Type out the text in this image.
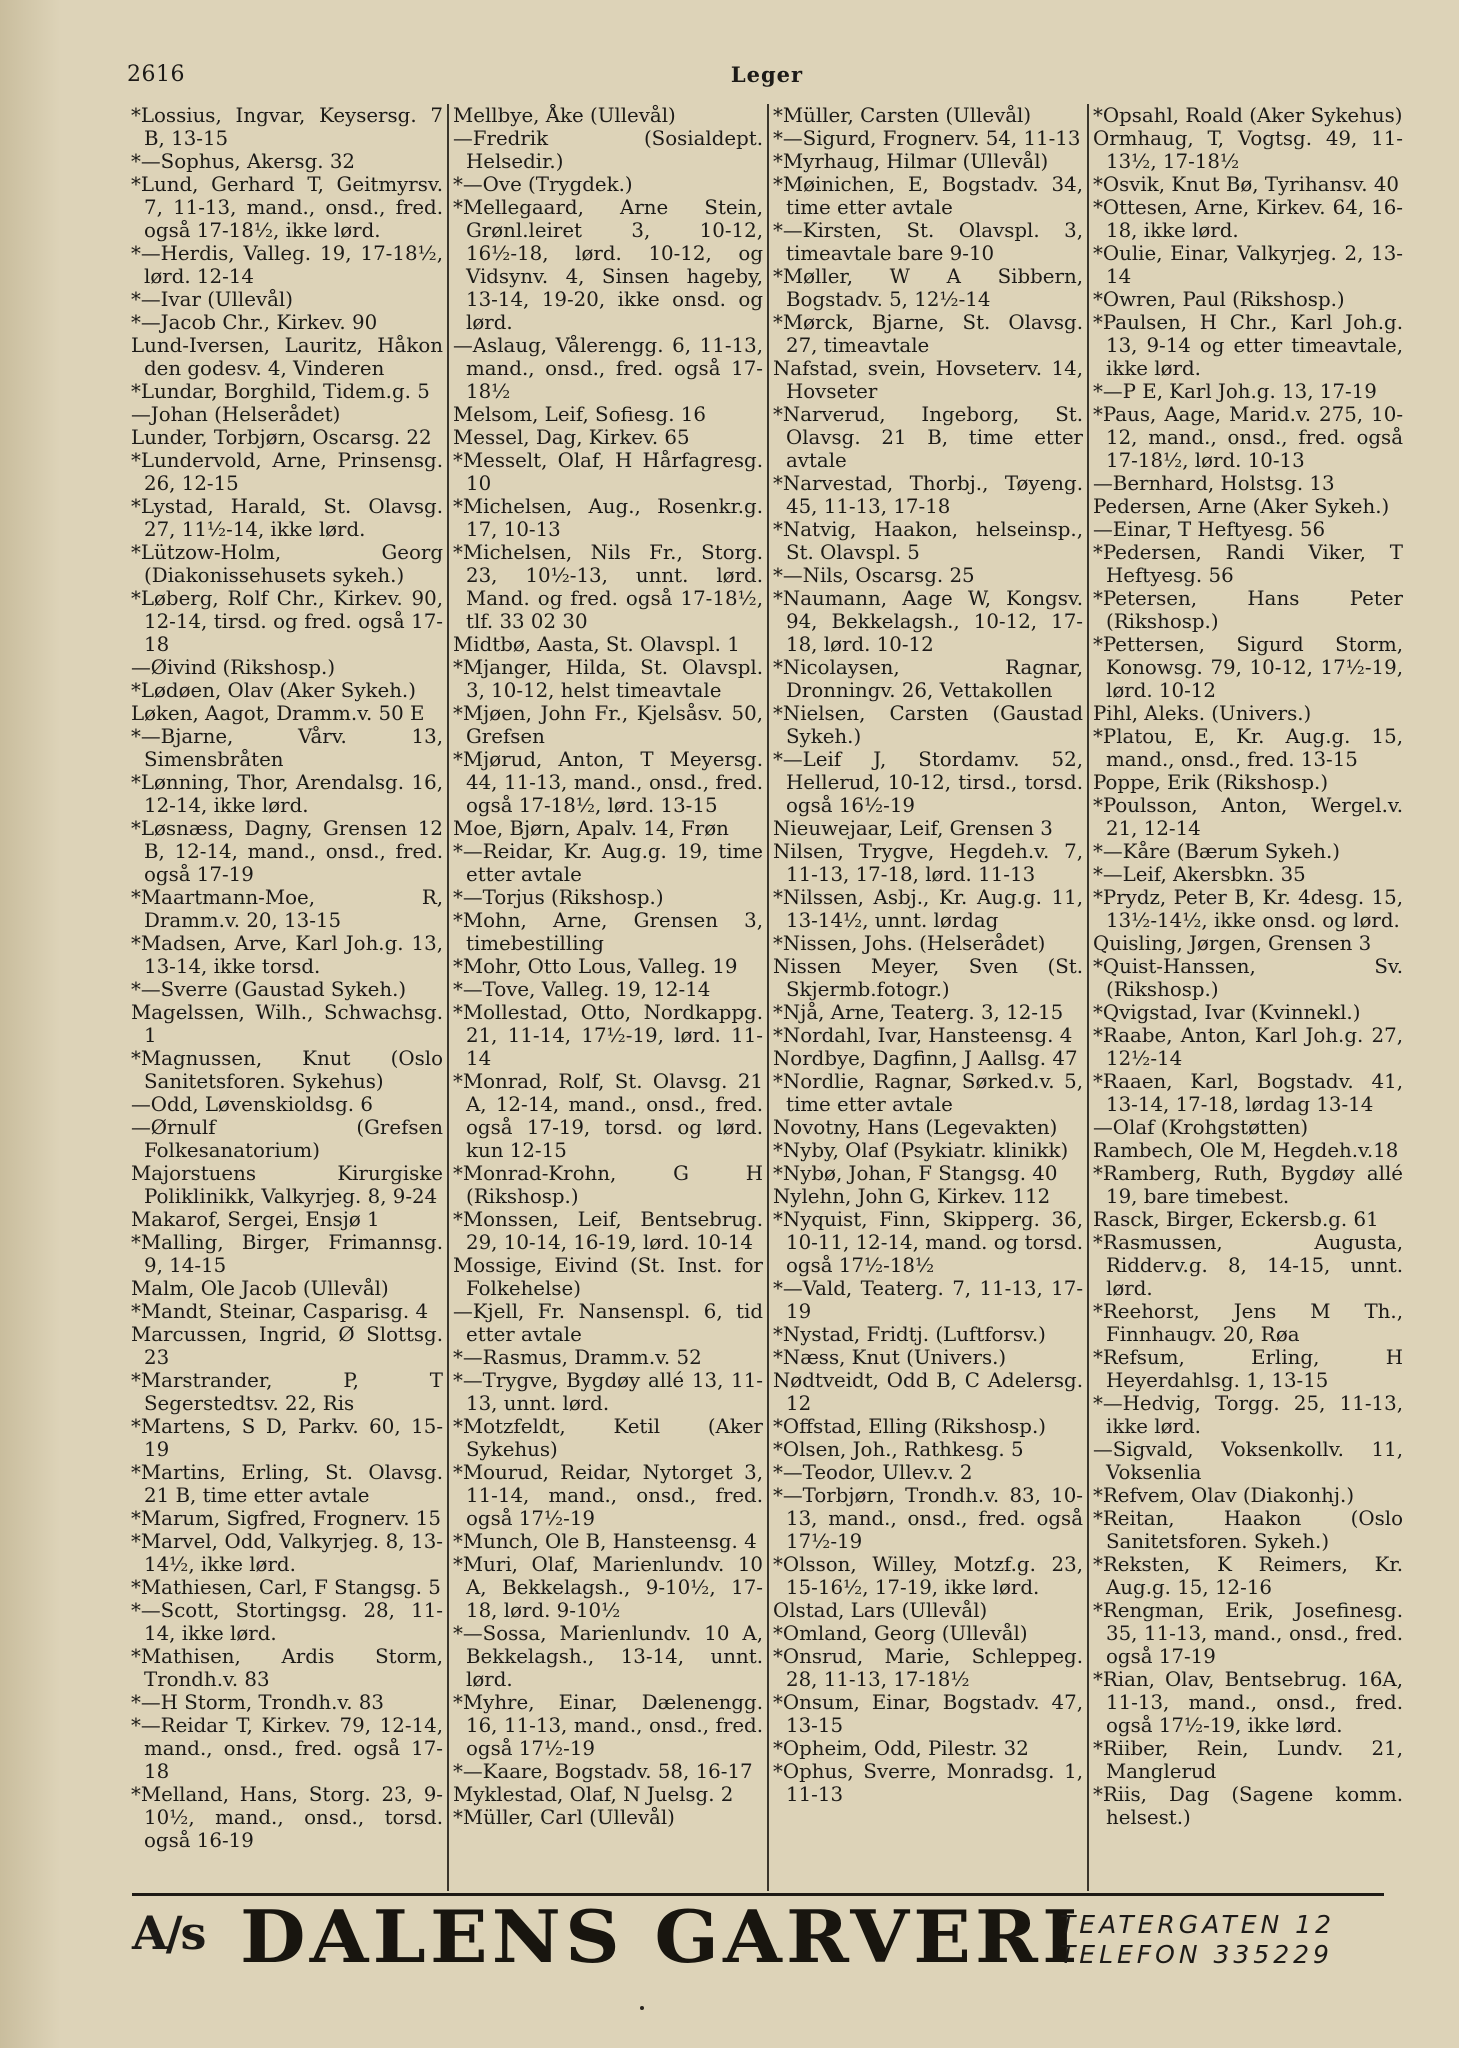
2616	Leger
*Lossius, Ingvar, Keysersg. 7 B, 13-15
*—Sophus, Akersg. 32
*Lund, Gerhard T, Geitmyrsv. 7, 11-13, mand., onsd., fred. også 17-18½, ikke lørd.
*—Herdis, Valleg. 19, 17-18½, lørd. 12-14
*—Ivar (Ullevål)
*—Jacob Chr., Kirkev. 90
Lund-Iversen, Lauritz, Håkon den godesv. 4, Vinderen
*Lundar, Borghild, Tidem.g. 5
—Johan (Helserådet)
Lunder, Torbjørn, Oscarsg. 22
*Lundervold, Arne, Prinsensg. 26, 12-15
*Lystad, Harald, St. Olavsg. 27, 11½-14, ikke lørd.
*Lützow-Holm, Georg (Diakonissehusets sykeh.)
*Løberg, Rolf Chr., Kirkev. 90, 12-14, tirsd. og fred. også 17-18
—Øivind (Rikshosp.)
*Lødøen, Olav (Aker Sykeh.)
Løken, Aagot, Dramm.v. 50 E
*—Bjarne, Vårv. 13, Simensbråten
*Lønning, Thor, Arendalsg. 16, 12-14, ikke lørd.
*Løsnæss, Dagny, Grensen 12 B, 12-14, mand., onsd., fred. også 17-19
*Maartmann-Moe, R, Dramm.v. 20, 13-15
*Madsen, Arve, Karl Joh.g. 13, 13-14, ikke torsd.
*—Sverre (Gaustad Sykeh.)
Magelssen, Wilh., Schwachsg. 1
*Magnussen, Knut (Oslo Sanitetsforen. Sykehus)
—Odd, Løvenskioldsg. 6
—Ørnulf (Grefsen Folkesanatorium)
Majorstuens Kirurgiske Poliklinikk, Valkyrjeg. 8, 9-24
Makarof, Sergei, Ensjø 1
*Malling, Birger, Frimannsg. 9, 14-15
Malm, Ole Jacob (Ullevål)
*Mandt, Steinar, Casparisg. 4
Marcussen, Ingrid, Ø Slottsg. 23
*Marstrander, P, T Segerstedtsv. 22, Ris
*Martens, S D, Parkv. 60, 15-19
*Martins, Erling, St. Olavsg. 21 B, time etter avtale
*Marum, Sigfred, Frognerv. 15
*Marvel, Odd, Valkyrjeg. 8, 13-14½, ikke lørd.
*Mathiesen, Carl, F Stangsg. 5
*—Scott, Stortingsg. 28, 11-14, ikke lørd.
*Mathisen, Ardis Storm, Trondh.v. 83
*—H Storm, Trondh.v. 83
*—Reidar T, Kirkev. 79, 12-14, mand., onsd., fred. også 17-18
*Melland, Hans, Storg. 23, 9-10½, mand., onsd., torsd. også 16-19
Mellbye, Åke (Ullevål)
—Fredrik (Sosialdept. Helsedir.)
*—Ove (Trygdek.)
*Mellegaard, Arne Stein, Grønl.leiret 3, 10-12, 16½-18, lørd. 10-12, og Vidsynv. 4, Sinsen hageby, 13-14, 19-20, ikke onsd. og lørd.
—Aslaug, Vålerengg. 6, 11-13, mand., onsd., fred. også 17-18½
Melsom, Leif, Sofiesg. 16
Messel, Dag, Kirkev. 65
*Messelt, Olaf, H Hårfagresg. 10
*Michelsen, Aug., Rosenkr.g. 17, 10-13
*Michelsen, Nils Fr., Storg. 23, 10½-13, unnt. lørd. Mand. og fred. også 17-18½, tlf. 33 02 30
Midtbø, Aasta, St. Olavspl. 1
*Mjanger, Hilda, St. Olavspl. 3, 10-12, helst timeavtale
*Mjøen, John Fr., Kjelsåsv. 50, Grefsen
*Mjørud, Anton, T Meyersg. 44, 11-13, mand., onsd., fred. også 17-18½, lørd. 13-15
Moe, Bjørn, Apalv. 14, Frøn
*—Reidar, Kr. Aug.g. 19, time etter avtale
*—Torjus (Rikshosp.)
*Mohn, Arne, Grensen 3, timebestilling
*Mohr, Otto Lous, Valleg. 19
*—Tove, Valleg. 19, 12-14
*Mollestad, Otto, Nordkappg. 21, 11-14, 17½-19, lørd. 11-14
*Monrad, Rolf, St. Olavsg. 21 A, 12-14, mand., onsd., fred. også 17-19, torsd. og lørd. kun 12-15
*Monrad-Krohn, G H (Rikshosp.)
*Monssen, Leif, Bentsebrug. 29, 10-14, 16-19, lørd. 10-14
Mossige, Eivind (St. Inst. for Folkehelse)
—Kjell, Fr. Nansenspl. 6, tid etter avtale
*—Rasmus, Dramm.v. 52
*—Trygve, Bygdøy allé 13, 11-13, unnt. lørd.
*Motzfeldt, Ketil (Aker Sykehus)
*Mourud, Reidar, Nytorget 3, 11-14, mand., onsd., fred. også 17½-19
*Munch, Ole B, Hansteensg. 4
*Muri, Olaf, Marienlundv. 10 A, Bekkelagsh., 9-10½, 17-18, lørd. 9-10½
*—Sossa, Marienlundv. 10 A, Bekkelagsh., 13-14, unnt. lørd.
*Myhre, Einar, Dælenengg. 16, 11-13, mand., onsd., fred. også 17½-19
*—Kaare, Bogstadv. 58, 16-17
Myklestad, Olaf, N Juelsg. 2
*Müller, Carl (Ullevål)
*Müller, Carsten (Ullevål)
*—Sigurd, Frognerv. 54, 11-13
*Myrhaug, Hilmar (Ullevål)
*Møinichen, E, Bogstadv. 34, time etter avtale
*—Kirsten, St. Olavspl. 3, timeavtale bare 9-10
*Møller, W A Sibbern, Bogstadv. 5, 12½-14
*Mørck, Bjarne, St. Olavsg. 27, timeavtale
Nafstad, svein, Hovseterv. 14, Hovseter
*Narverud, Ingeborg, St. Olavsg. 21 B, time etter avtale
*Narvestad, Thorbj., Tøyeng. 45, 11-13, 17-18
*Natvig, Haakon, helseinsp., St. Olavspl. 5
*—Nils, Oscarsg. 25
*Naumann, Aage W, Kongsv. 94, Bekkelagsh., 10-12, 17-18, lørd. 10-12
*Nicolaysen, Ragnar, Dronningv. 26, Vettakollen
*Nielsen, Carsten (Gaustad Sykeh.)
*—Leif J, Stordamv. 52, Hellerud, 10-12, tirsd., torsd. også 16½-19
Nieuwejaar, Leif, Grensen 3
Nilsen, Trygve, Hegdeh.v. 7, 11-13, 17-18, lørd. 11-13
*Nilssen, Asbj., Kr. Aug.g. 11, 13-14½, unnt. lørdag
*Nissen, Johs. (Helserådet)
Nissen Meyer, Sven (St. Skjermb.fotogr.)
*Njå, Arne, Teaterg. 3, 12-15
*Nordahl, Ivar, Hansteensg. 4
Nordbye, Dagfinn, J Aallsg. 47
*Nordlie, Ragnar, Sørked.v. 5, time etter avtale
Novotny, Hans (Legevakten)
*Nyby, Olaf (Psykiatr. klinikk)
*Nybø, Johan, F Stangsg. 40
Nylehn, John G, Kirkev. 112
*Nyquist, Finn, Skipperg. 36, 10-11, 12-14, mand. og torsd. også 17½-18½
*—Vald, Teaterg. 7, 11-13, 17-19
*Nystad, Fridtj. (Luftforsv.)
*Næss, Knut (Univers.)
Nødtveidt, Odd B, C Adelersg. 12
*Offstad, Elling (Rikshosp.)
*Olsen, Joh., Rathkesg. 5
*—Teodor, Ullev.v. 2
*—Torbjørn, Trondh.v. 83, 10-13, mand., onsd., fred. også 17½-19
*Olsson, Willey, Motzf.g. 23, 15-16½, 17-19, ikke lørd.
Olstad, Lars (Ullevål)
*Omland, Georg (Ullevål)
*Onsrud, Marie, Schleppeg. 28, 11-13, 17-18½
*Onsum, Einar, Bogstadv. 47, 13-15
*Opheim, Odd, Pilestr. 32
*Ophus, Sverre, Monradsg. 1, 11-13
*Opsahl, Roald (Aker Sykehus)
Ormhaug, T, Vogtsg. 49, 11-13½, 17-18½
*Osvik, Knut Bø, Tyrihansv. 40
*Ottesen, Arne, Kirkev. 64, 16-18, ikke lørd.
*Oulie, Einar, Valkyrjeg. 2, 13-14
*Owren, Paul (Rikshosp.)
*Paulsen, H Chr., Karl Joh.g. 13, 9-14 og etter timeavtale, ikke lørd.
*—P E, Karl Joh.g. 13, 17-19
*Paus, Aage, Marid.v. 275, 10-12, mand., onsd., fred. også 17-18½, lørd. 10-13
—Bernhard, Holstsg. 13
Pedersen, Arne (Aker Sykeh.)
—Einar, T Heftyesg. 56
*Pedersen, Randi Viker, T Heftyesg. 56
*Petersen, Hans Peter (Rikshosp.)
*Pettersen, Sigurd Storm, Konowsg. 79, 10-12, 17½-19, lørd. 10-12
Pihl, Aleks. (Univers.)
*Platou, E, Kr. Aug.g. 15, mand., onsd., fred. 13-15
Poppe, Erik (Rikshosp.)
*Poulsson, Anton, Wergel.v. 21, 12-14
*—Kåre (Bærum Sykeh.)
*—Leif, Akersbkn. 35
*Prydz, Peter B, Kr. 4desg. 15, 13½-14½, ikke onsd. og lørd.
Quisling, Jørgen, Grensen 3
*Quist-Hanssen, Sv. (Rikshosp.)
*Qvigstad, Ivar (Kvinnekl.)
*Raabe, Anton, Karl Joh.g. 27, 12½-14
*Raaen, Karl, Bogstadv. 41, 13-14, 17-18, lørdag 13-14
—Olaf (Krohgstøtten)
Rambech, Ole M, Hegdeh.v.18
*Ramberg, Ruth, Bygdøy allé 19, bare timebest.
Rasck, Birger, Eckersb.g. 61
*Rasmussen, Augusta, Ridderv.g. 8, 14-15, unnt. lørd.
*Reehorst, Jens M Th., Finnhaugv. 20, Røa
*Refsum, Erling, H Heyerdahlsg. 1, 13-15
*—Hedvig, Torgg. 25, 11-13, ikke lørd.
—Sigvald, Voksenkollv. 11, Voksenlia
*Refvem, Olav (Diakonhj.)
*Reitan, Haakon (Oslo Sanitetsforen. Sykeh.)
*Reksten, K Reimers, Kr. Aug.g. 15, 12-16
*Rengman, Erik, Josefinesg. 35, 11-13, mand., onsd., fred. også 17-19
*Rian, Olav, Bentsebrug. 16A, 11-13, mand., onsd., fred. også 17½-19, ikke lørd.
*Riiber, Rein, Lundv. 21, Manglerud
*Riis, Dag (Sagene komm. helsest.)
A/s DALENS GARVERI
TEATERGATEN 12
TELEFON 335229
